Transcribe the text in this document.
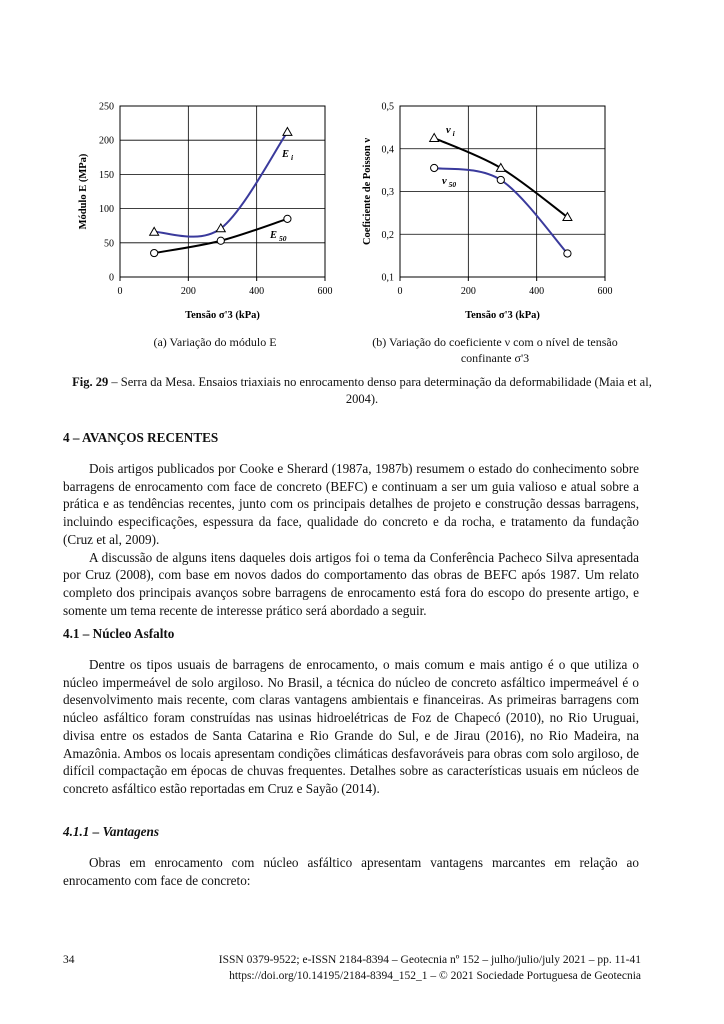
0	200	400	600
0
50
100
150
200
250
Tensão σ'3 (kPa)
Módulo E (MPa)	E $_i$
E $_{50}$
0	200	400	600
0,1
0,2
0,3
0,4
0,5
Tensão σ'3 (kPa)
Coeficiente de Poisson ν
ν $_i$
ν $_{50}$
(a) Variação do módulo E	(b) Variação do coeficiente ν com o nível de tensão
confinante σ'3
Fig. 29 – Serra da Mesa. Ensaios triaxiais no enrocamento denso para determinação da deformabilidade (Maia et al, 2004).
4 – AVANÇOS RECENTES

Dois artigos publicados por Cooke e Sherard (1987a, 1987b) resumem o estado do conhecimento sobre barragens de enrocamento com face de concreto (BEFC) e continuam a ser um guia valioso e atual sobre a prática e as tendências recentes, junto com os principais detalhes de projeto e construção dessas barragens, incluindo especificações, espessura da face, qualidade do concreto e da rocha, e tratamento da fundação (Cruz et al, 2009).

A discussão de alguns itens daqueles dois artigos foi o tema da Conferência Pacheco Silva apresentada por Cruz (2008), com base em novos dados do comportamento das obras de BEFC após 1987. Um relato completo dos principais avanços sobre barragens de enrocamento está fora do escopo do presente artigo, e somente um tema recente de interesse prático será abordado a seguir.

4.1 – Núcleo Asfalto

Dentre os tipos usuais de barragens de enrocamento, o mais comum e mais antigo é o que utiliza o núcleo impermeável de solo argiloso. No Brasil, a técnica do núcleo de concreto asfáltico impermeável é o desenvolvimento mais recente, com claras vantagens ambientais e financeiras. As primeiras barragens com núcleo asfáltico foram construídas nas usinas hidroelétricas de Foz de Chapecó (2010), no Rio Uruguai, divisa entre os estados de Santa Catarina e Rio Grande do Sul, e de Jirau (2016), no Rio Madeira, na Amazônia. Ambos os locais apresentam condições climáticas desfavoráveis para obras com solo argiloso, de difícil compactação em épocas de chuvas frequentes. Detalhes sobre as características usuais em núcleos de concreto asfáltico estão reportadas em Cruz e Sayão (2014).

4.1.1 – Vantagens

Obras em enrocamento com núcleo asfáltico apresentam vantagens marcantes em relação ao enrocamento com face de concreto:

34	ISSN 0379-9522; e-ISSN 2184-8394 – Geotecnia nº 152 – julho/julio/july 2021 – pp. 11-41
https://doi.org/10.14195/2184-8394_152_1 – © 2021 Sociedade Portuguesa de Geotecnia
